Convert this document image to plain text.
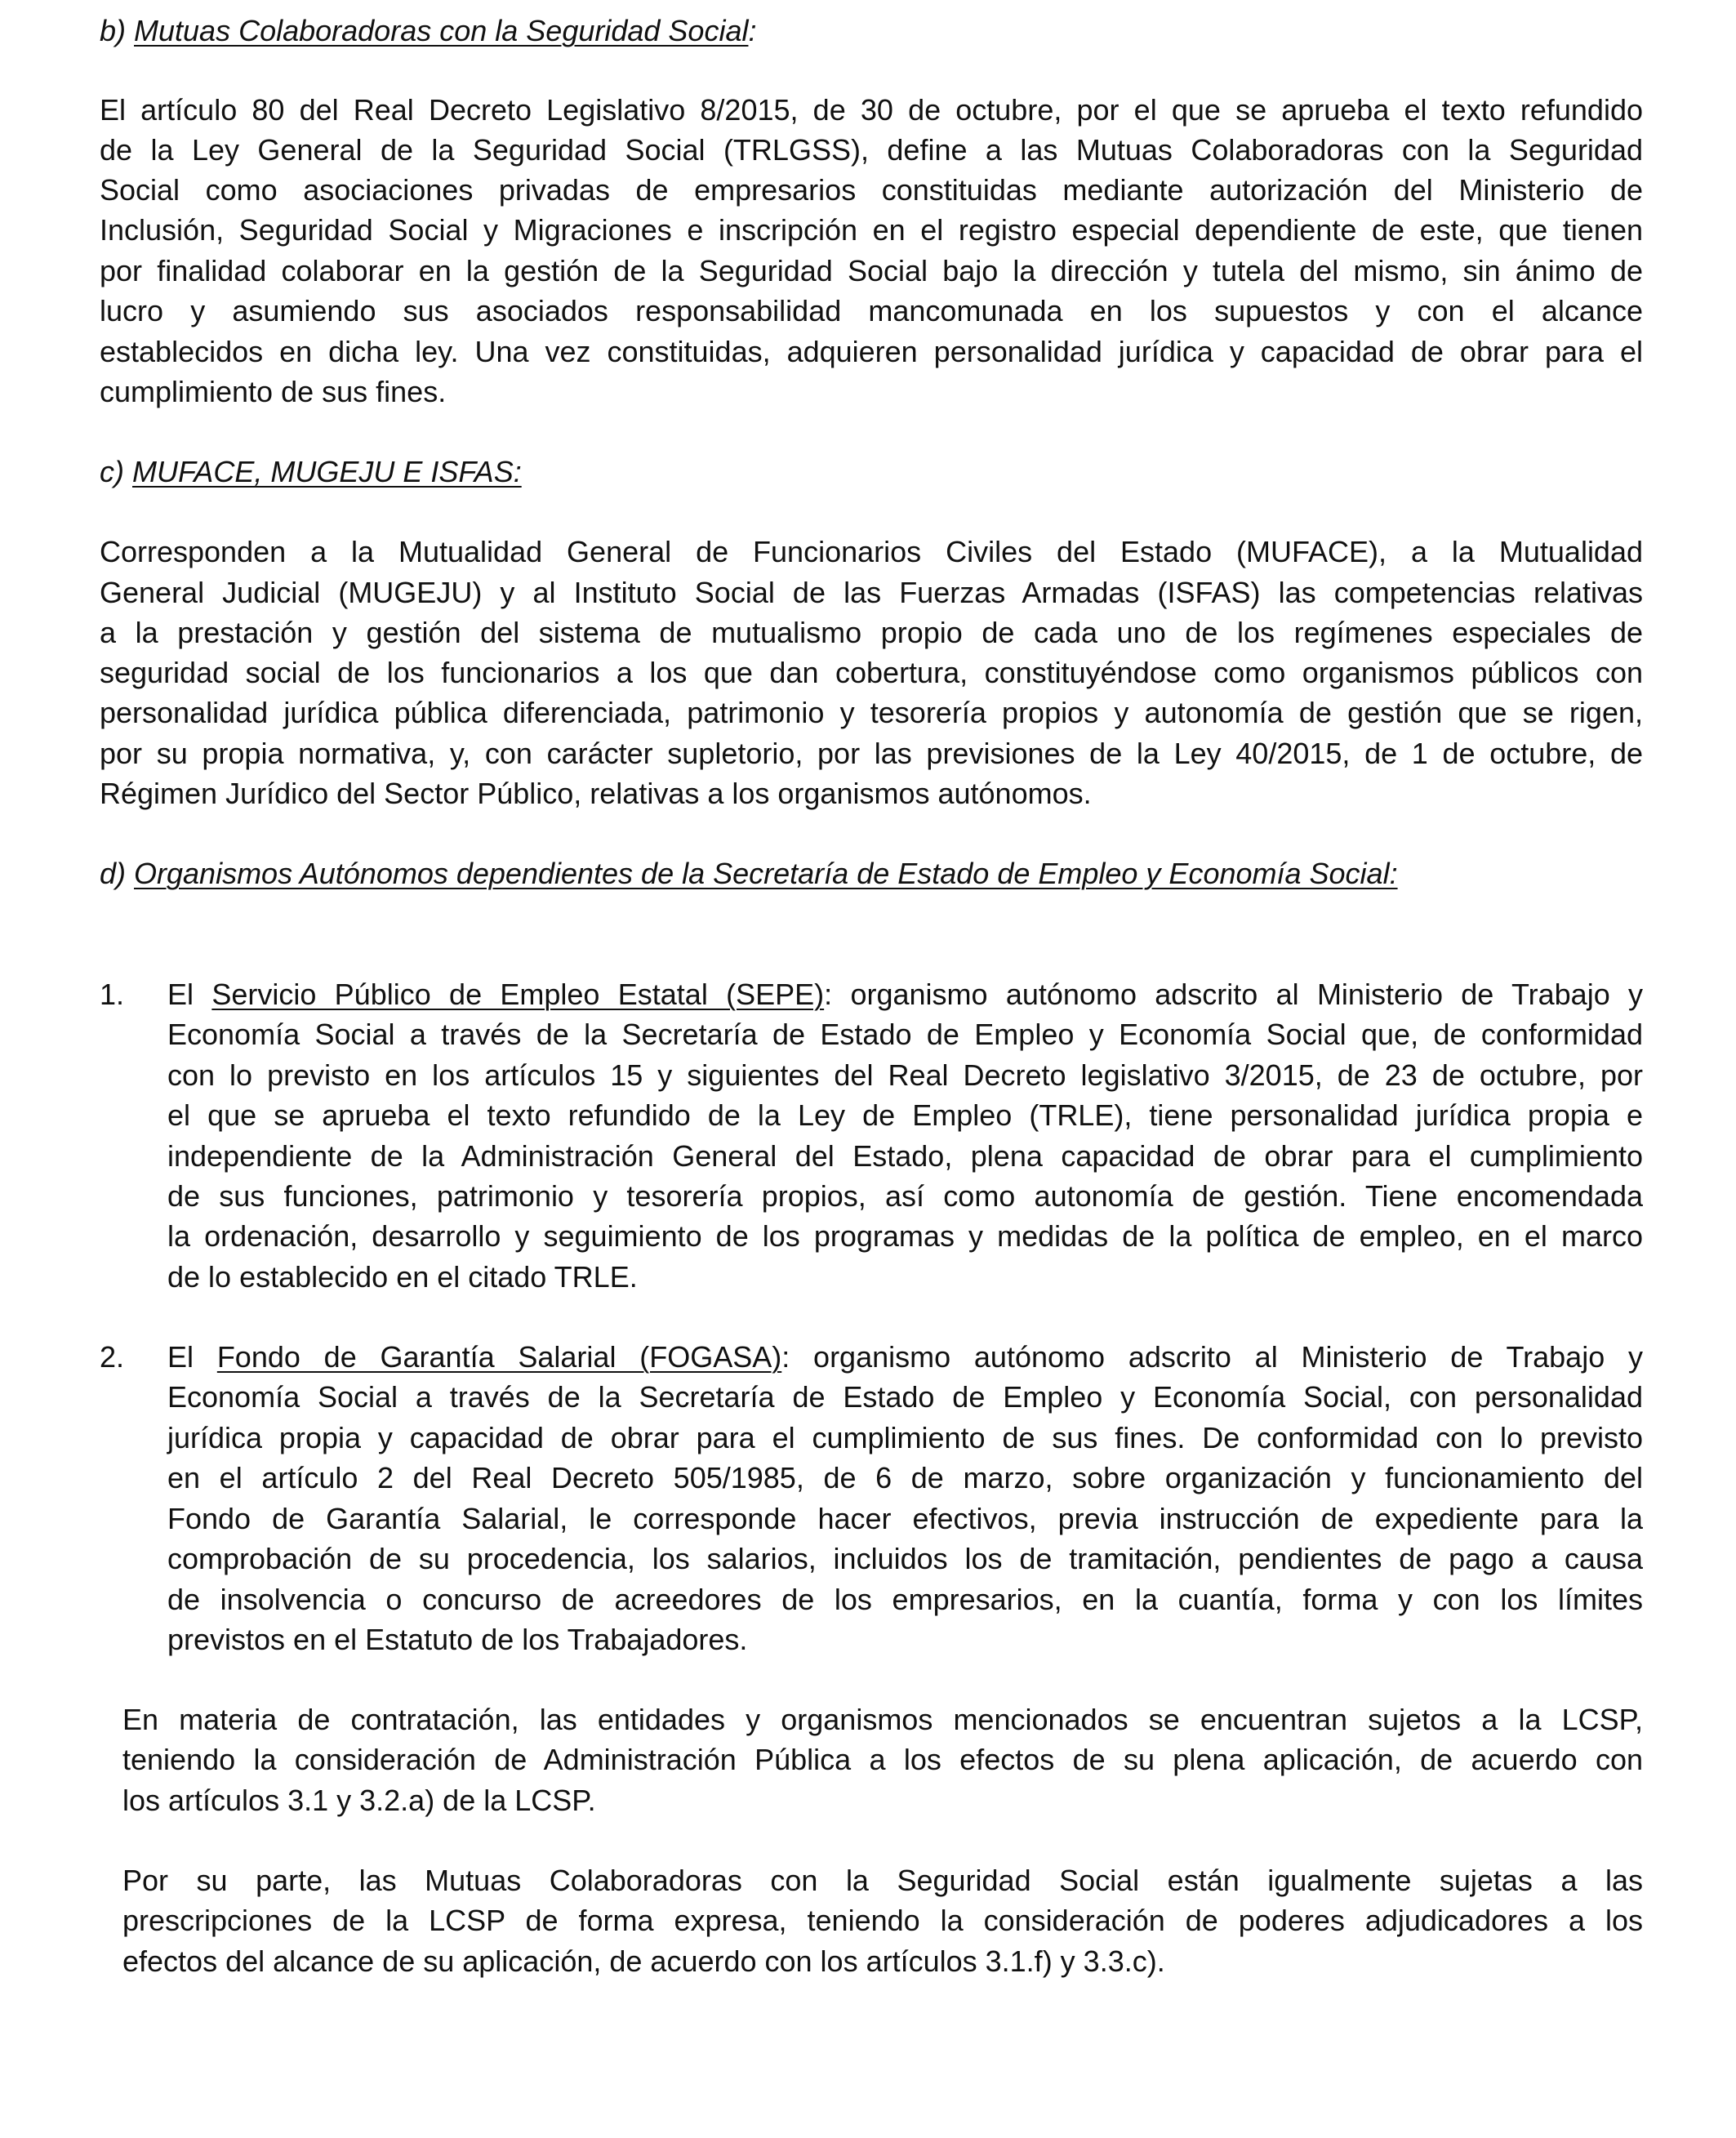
b) Mutuas Colaboradoras con la Seguridad Social:
El artículo 80 del Real Decreto Legislativo 8/2015, de 30 de octubre, por el que se aprueba el texto refundido
de la Ley General de la Seguridad Social (TRLGSS), define a las Mutuas Colaboradoras con la Seguridad
Social como asociaciones privadas de empresarios constituidas mediante autorización del Ministerio de
Inclusión, Seguridad Social y Migraciones e inscripción en el registro especial dependiente de este, que tienen
por finalidad colaborar en la gestión de la Seguridad Social bajo la dirección y tutela del mismo, sin ánimo de
lucro y asumiendo sus asociados responsabilidad mancomunada en los supuestos y con el alcance
establecidos en dicha ley. Una vez constituidas, adquieren personalidad jurídica y capacidad de obrar para el
cumplimiento de sus fines.
c) MUFACE, MUGEJU E ISFAS:
Corresponden a la Mutualidad General de Funcionarios Civiles del Estado (MUFACE), a la Mutualidad
General Judicial (MUGEJU) y al Instituto Social de las Fuerzas Armadas (ISFAS) las competencias relativas
a la prestación y gestión del sistema de mutualismo propio de cada uno de los regímenes especiales de
seguridad social de los funcionarios a los que dan cobertura, constituyéndose como organismos públicos con
personalidad jurídica pública diferenciada, patrimonio y tesorería propios y autonomía de gestión que se rigen,
por su propia normativa, y, con carácter supletorio, por las previsiones de la Ley 40/2015, de 1 de octubre, de
Régimen Jurídico del Sector Público, relativas a los organismos autónomos.
d) Organismos Autónomos dependientes de la Secretaría de Estado de Empleo y Economía Social:
1. El Servicio Público de Empleo Estatal (SEPE): organismo autónomo adscrito al Ministerio de Trabajo y
Economía Social a través de la Secretaría de Estado de Empleo y Economía Social que, de conformidad
con lo previsto en los artículos 15 y siguientes del Real Decreto legislativo 3/2015, de 23 de octubre, por
el que se aprueba el texto refundido de la Ley de Empleo (TRLE), tiene personalidad jurídica propia e
independiente de la Administración General del Estado, plena capacidad de obrar para el cumplimiento
de sus funciones, patrimonio y tesorería propios, así como autonomía de gestión. Tiene encomendada
la ordenación, desarrollo y seguimiento de los programas y medidas de la política de empleo, en el marco
de lo establecido en el citado TRLE.
2. El Fondo de Garantía Salarial (FOGASA): organismo autónomo adscrito al Ministerio de Trabajo y
Economía Social a través de la Secretaría de Estado de Empleo y Economía Social, con personalidad
jurídica propia y capacidad de obrar para el cumplimiento de sus fines. De conformidad con lo previsto
en el artículo 2 del Real Decreto 505/1985, de 6 de marzo, sobre organización y funcionamiento del
Fondo de Garantía Salarial, le corresponde hacer efectivos, previa instrucción de expediente para la
comprobación de su procedencia, los salarios, incluidos los de tramitación, pendientes de pago a causa
de insolvencia o concurso de acreedores de los empresarios, en la cuantía, forma y con los límites
previstos en el Estatuto de los Trabajadores.
En materia de contratación, las entidades y organismos mencionados se encuentran sujetos a la LCSP,
teniendo la consideración de Administración Pública a los efectos de su plena aplicación, de acuerdo con
los artículos 3.1 y 3.2.a) de la LCSP.
Por su parte, las Mutuas Colaboradoras con la Seguridad Social están igualmente sujetas a las
prescripciones de la LCSP de forma expresa, teniendo la consideración de poderes adjudicadores a los
efectos del alcance de su aplicación, de acuerdo con los artículos 3.1.f) y 3.3.c).
